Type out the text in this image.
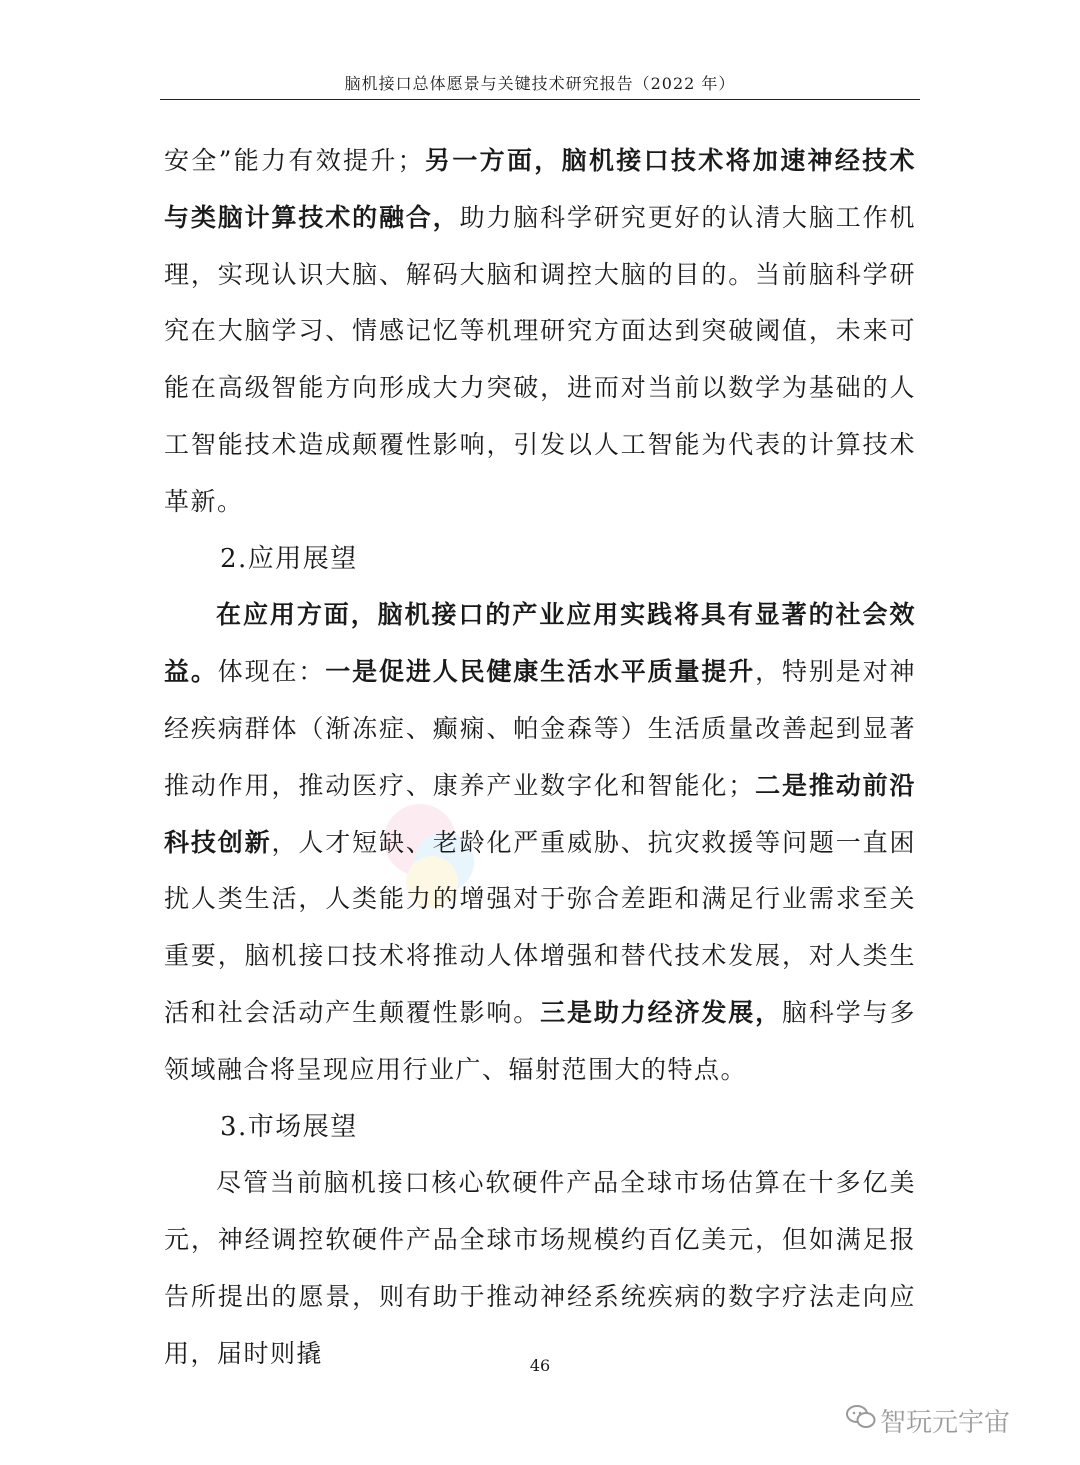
脑机接口总体愿景与关键技术研究报告（2022 年）

安全”能力有效提升；另一方面，脑机接口技术将加速神经技术与类脑计算技术的融合，助力脑科学研究更好的认清大脑工作机理，实现认识大脑、解码大脑和调控大脑的目的。当前脑科学研究在大脑学习、情感记忆等机理研究方面达到突破阈值，未来可能在高级智能方向形成大力突破，进而对当前以数学为基础的人工智能技术造成颠覆性影响，引发以人工智能为代表的计算技术革新。

2.应用展望

在应用方面，脑机接口的产业应用实践将具有显著的社会效益。体现在：一是促进人民健康生活水平质量提升，特别是对神经疾病群体（渐冻症、癫痫、帕金森等）生活质量改善起到显著推动作用，推动医疗、康养产业数字化和智能化；二是推动前沿科技创新，人才短缺、老龄化严重威胁、抗灾救援等问题一直困扰人类生活，人类能力的增强对于弥合差距和满足行业需求至关重要，脑机接口技术将推动人体增强和替代技术发展，对人类生活和社会活动产生颠覆性影响。三是助力经济发展，脑科学与多领域融合将呈现应用行业广、辐射范围大的特点。

3.市场展望

尽管当前脑机接口核心软硬件产品全球市场估算在十多亿美元，神经调控软硬件产品全球市场规模约百亿美元，但如满足报告所提出的愿景，则有助于推动神经系统疾病的数字疗法走向应用，届时则撬	46
智玩元宇宙
